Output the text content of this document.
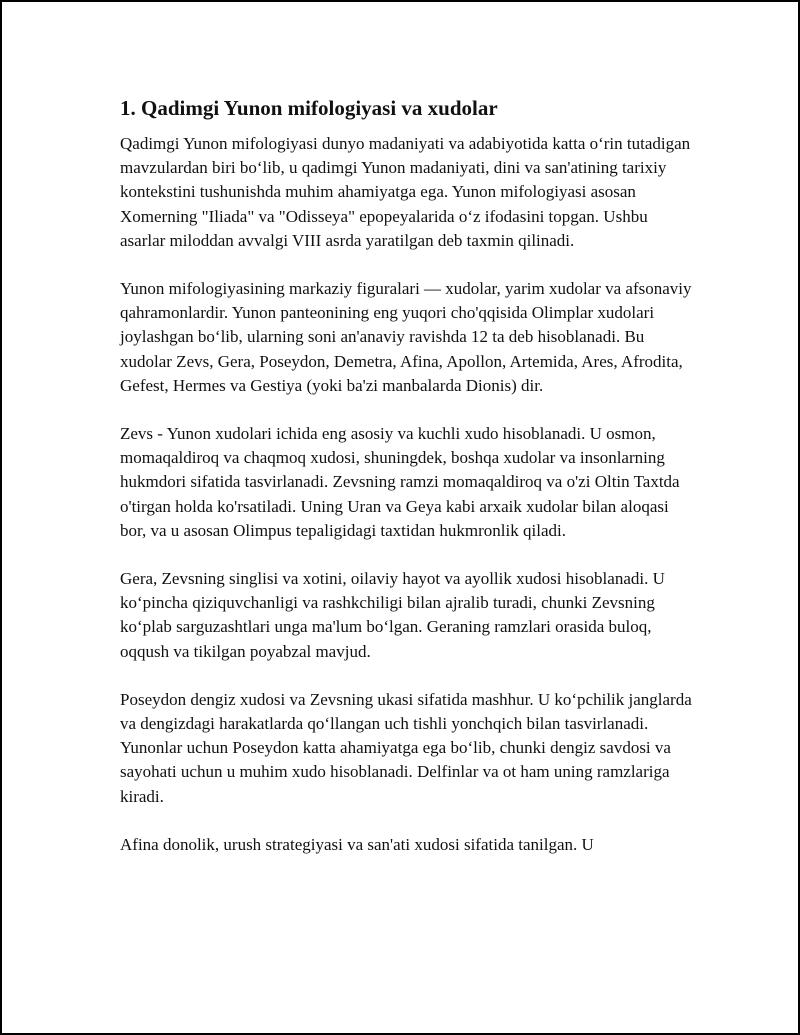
1. Qadimgi Yunon mifologiyasi va xudolar

Qadimgi Yunon mifologiyasi dunyo madaniyati va adabiyotida katta o‘rin tutadigan mavzulardan biri bo‘lib, u qadimgi Yunon madaniyati, dini va san'atining tarixiy kontekstini tushunishda muhim ahamiyatga ega. Yunon mifologiyasi asosan Xomerning "Iliada" va "Odisseya" epopeyalarida o‘z ifodasini topgan. Ushbu asarlar miloddan avvalgi VIII asrda yaratilgan deb taxmin qilinadi.

Yunon mifologiyasining markaziy figuralari — xudolar, yarim xudolar va afsonaviy qahramonlardir. Yunon panteonining eng yuqori cho'qqisida Olimplar xudolari joylashgan bo‘lib, ularning soni an'anaviy ravishda 12 ta deb hisoblanadi. Bu xudolar Zevs, Gera, Poseydon, Demetra, Afina, Apollon, Artemida, Ares, Afrodita, Gefest, Hermes va Gestiya (yoki ba'zi manbalarda Dionis) dir.

Zevs - Yunon xudolari ichida eng asosiy va kuchli xudo hisoblanadi. U osmon, momaqaldiroq va chaqmoq xudosi, shuningdek, boshqa xudolar va insonlarning hukmdori sifatida tasvirlanadi. Zevsning ramzi momaqaldiroq va o'zi Oltin Taxtda o'tirgan holda ko'rsatiladi. Uning Uran va Geya kabi arxaik xudolar bilan aloqasi bor, va u asosan Olimpus tepaligidagi taxtidan hukmronlik qiladi.

Gera, Zevsning singlisi va xotini, oilaviy hayot va ayollik xudosi hisoblanadi. U ko‘pincha qiziquvchanligi va rashkchiligi bilan ajralib turadi, chunki Zevsning ko‘plab sarguzashtlari unga ma'lum bo‘lgan. Geraning ramzlari orasida buloq, oqqush va tikilgan poyabzal mavjud.

Poseydon dengiz xudosi va Zevsning ukasi sifatida mashhur. U ko‘pchilik janglarda va dengizdagi harakatlarda qo‘llangan uch tishli yonchqich bilan tasvirlanadi. Yunonlar uchun Poseydon katta ahamiyatga ega bo‘lib, chunki dengiz savdosi va sayohati uchun u muhim xudo hisoblanadi. Delfinlar va ot ham uning ramzlariga kiradi.

Afina donolik, urush strategiyasi va san'ati xudosi sifatida tanilgan. U
